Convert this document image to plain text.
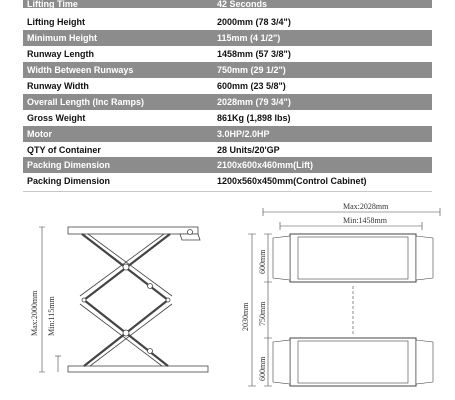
Lifting Time	42 Seconds
Lifting Height	2000mm (78 3/4")
Minimum Height	115mm (4 1/2")
Runway Length	1458mm (57 3/8")
Width Between Runways	750mm (29 1/2")
Runway Width	600mm (23 5/8")
Overall Length (Inc Ramps)	2028mm (79 3/4")
Gross Weight	861Kg (1,898 lbs)
Motor	3.0HP/2.0HP
QTY of Container	28 Units/20'GP
Packing Dimension	2100x600x460mm(Lift)
Packing Dimension	1200x560x450mm(Control Cabinet)
Max:2000mm Min:115mm
Max:2028mm
Min:1458mm
2030mm
600mm
750mm
600mm
